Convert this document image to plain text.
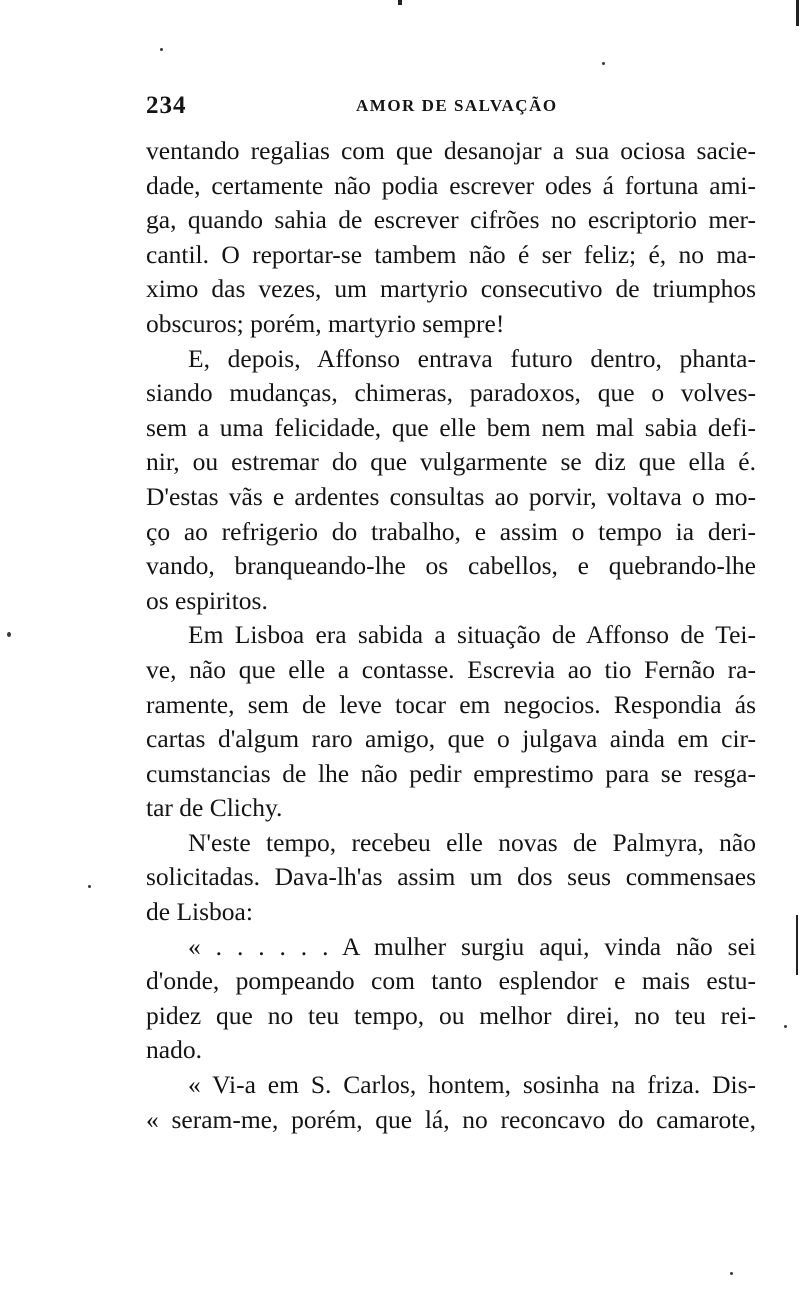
234	AMOR DE SALVAÇÃO
ventando regalias com que desanojar a sua ociosa sacie-
dade, certamente não podia escrever odes á fortuna ami-
ga, quando sahia de escrever cifrões no escriptorio mer-
cantil. O reportar-se tambem não é ser feliz; é, no ma-
ximo das vezes, um martyrio consecutivo de triumphos
obscuros; porém, martyrio sempre!
E, depois, Affonso entrava futuro dentro, phanta-
siando mudanças, chimeras, paradoxos, que o volves-
sem a uma felicidade, que elle bem nem mal sabia defi-
nir, ou estremar do que vulgarmente se diz que ella é.
D'estas vãs e ardentes consultas ao porvir, voltava o mo-
ço ao refrigerio do trabalho, e assim o tempo ia deri-
vando, branqueando-lhe os cabellos, e quebrando-lhe
os espiritos.
Em Lisboa era sabida a situação de Affonso de Tei-
ve, não que elle a contasse. Escrevia ao tio Fernão ra-
ramente, sem de leve tocar em negocios. Respondia ás
cartas d'algum raro amigo, que o julgava ainda em cir-
cumstancias de lhe não pedir emprestimo para se resga-
tar de Clichy.
N'este tempo, recebeu elle novas de Palmyra, não
solicitadas. Dava-lh'as assim um dos seus commensaes
de Lisboa:
« . . . . . . A mulher surgiu aqui, vinda não sei
d'onde, pompeando com tanto esplendor e mais estu-
pidez que no teu tempo, ou melhor direi, no teu rei-
nado.
« Vi-a em S. Carlos, hontem, sosinha na friza. Dis-
« seram-me, porém, que lá, no reconcavo do camarote,
